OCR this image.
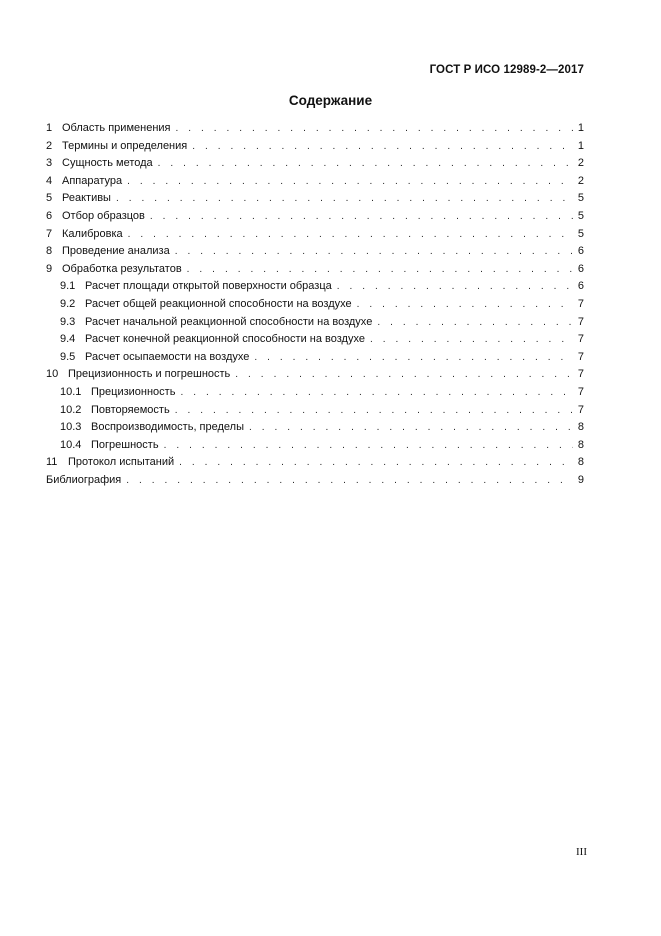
ГОСТ Р ИСО 12989-2—2017
Содержание
1 Область применения . . .	1
2 Термины и определения . . .	1
3 Сущность метода . . .	2
4 Аппаратура . . .	2
5 Реактивы . . .	5
6 Отбор образцов . . .	5
7 Калибровка . . .	5
8 Проведение анализа . . .	6
9 Обработка результатов . . .	6
9.1 Расчет площади открытой поверхности образца . . .	6
9.2 Расчет общей реакционной способности на воздухе . . .	7
9.3 Расчет начальной реакционной способности на воздухе . . .	7
9.4 Расчет конечной реакционной способности на воздухе . . .	7
9.5 Расчет осыпаемости на воздухе . . .	7
10 Прецизионность и погрешность . . .	7
10.1 Прецизионность . . .	7
10.2 Повторяемость . . .	7
10.3 Воспроизводимость, пределы . . .	8
10.4 Погрешность . . .	8
11 Протокол испытаний . . .	8
Библиография . . .	9
III
